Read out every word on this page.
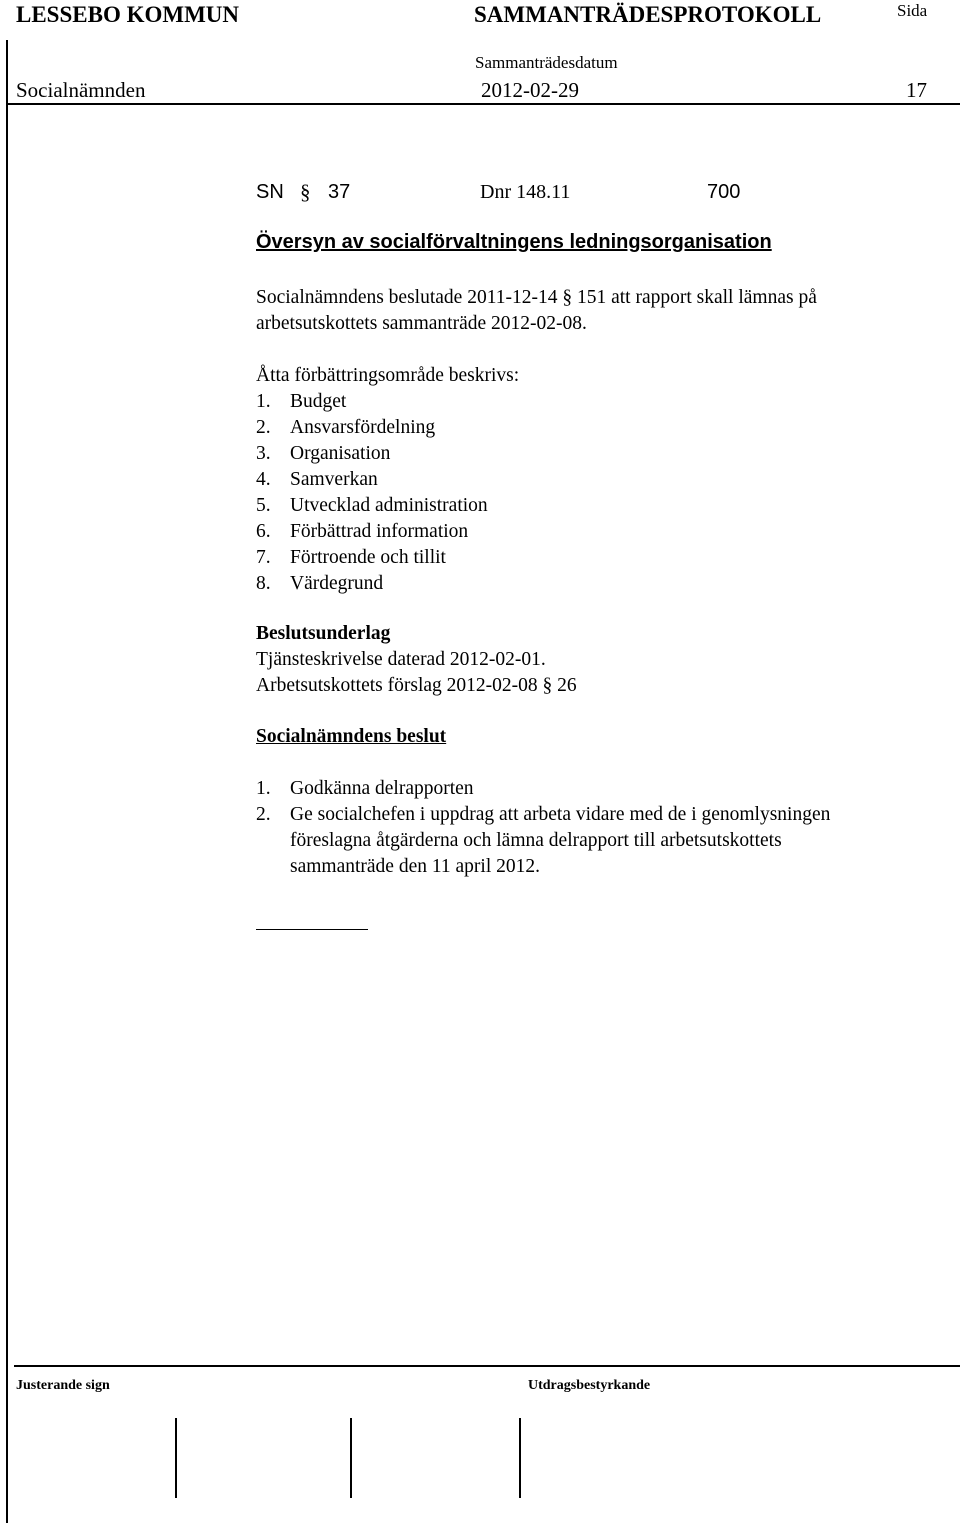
LESSEBO KOMMUN	SAMMANTRÄDESPROTOKOLL	Sida
Sammanträdesdatum
Socialnämnden	2012-02-29	17
SN § 37	Dnr 148.11	700
Översyn av socialförvaltningens ledningsorganisation
Socialnämndens beslutade 2011-12-14 § 151 att rapport skall lämnas på
arbetsutskottets sammanträde 2012-02-08.
Åtta förbättringsområde beskrivs:
1. Budget
2. Ansvarsfördelning
3. Organisation
4. Samverkan
5. Utvecklad administration
6. Förbättrad information
7. Förtroende och tillit
8. Värdegrund
Beslutsunderlag
Tjänsteskrivelse daterad 2012-02-01.
Arbetsutskottets förslag 2012-02-08 § 26
Socialnämndens beslut
1. Godkänna delrapporten
2. Ge socialchefen i uppdrag att arbeta vidare med de i genomlysningen
föreslagna åtgärderna och lämna delrapport till arbetsutskottets
sammanträde den 11 april 2012.
Justerande sign	Utdragsbestyrkande
